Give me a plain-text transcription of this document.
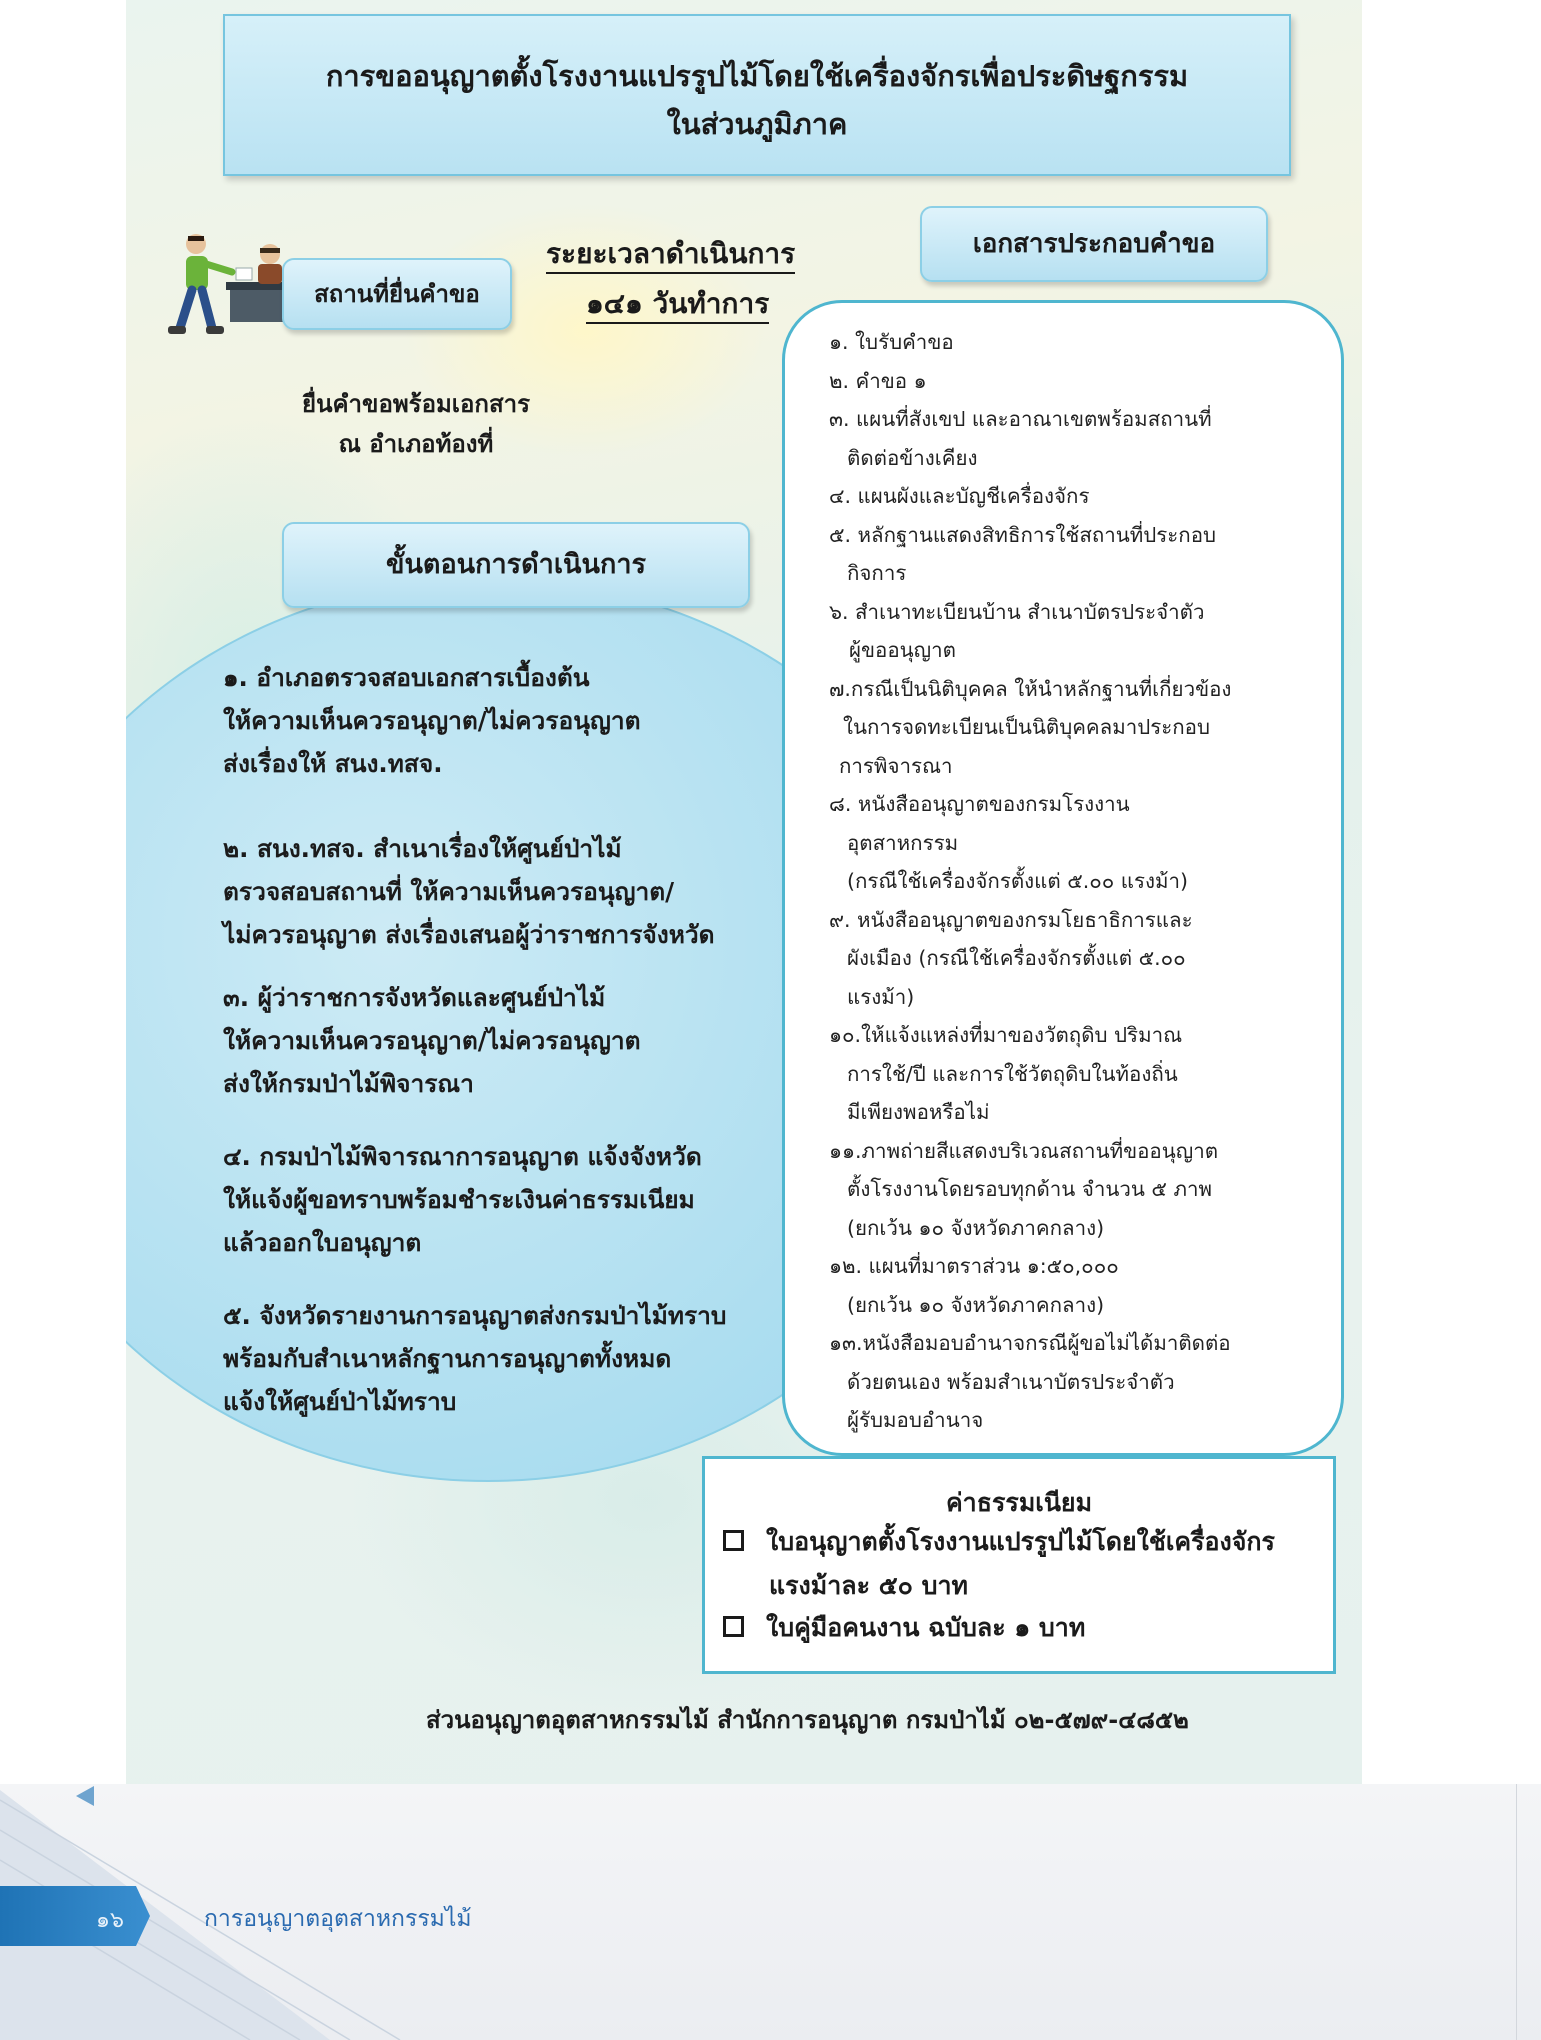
การขออนุญาตตั้งโรงงานแปรรูปไม้โดยใช้เครื่องจักรเพื่อประดิษฐกรรม
ในส่วนภูมิภาค
สถานที่ยื่นคำขอ
ระยะเวลาดำเนินการ
๑๔๑ วันทำการ
เอกสารประกอบคำขอ
ยื่นคำขอพร้อมเอกสาร
ณ อำเภอท้องที่
ขั้นตอนการดำเนินการ

๑. อำเภอตรวจสอบเอกสารเบื้องต้น
ให้ความเห็นควรอนุญาต/ไม่ควรอนุญาต
ส่งเรื่องให้ สนง.ทสจ.

๒. สนง.ทสจ. สำเนาเรื่องให้ศูนย์ป่าไม้
ตรวจสอบสถานที่ ให้ความเห็นควรอนุญาต/
ไม่ควรอนุญาต ส่งเรื่องเสนอผู้ว่าราชการจังหวัด

๓. ผู้ว่าราชการจังหวัดและศูนย์ป่าไม้
ให้ความเห็นควรอนุญาต/ไม่ควรอนุญาต
ส่งให้กรมป่าไม้พิจารณา

๔. กรมป่าไม้พิจารณาการอนุญาต แจ้งจังหวัด
ให้แจ้งผู้ขอทราบพร้อมชำระเงินค่าธรรมเนียม
แล้วออกใบอนุญาต

๕. จังหวัดรายงานการอนุญาตส่งกรมป่าไม้ทราบ
พร้อมกับสำเนาหลักฐานการอนุญาตทั้งหมด
แจ้งให้ศูนย์ป่าไม้ทราบ

๑. ใบรับคำขอ
๒. คำขอ ๑
๓. แผนที่สังเขป และอาณาเขตพร้อมสถานที่
ติดต่อข้างเคียง
๔. แผนผังและบัญชีเครื่องจักร
๕. หลักฐานแสดงสิทธิการใช้สถานที่ประกอบ
กิจการ
๖. สำเนาทะเบียนบ้าน สำเนาบัตรประจำตัว
ผู้ขออนุญาต
๗.กรณีเป็นนิติบุคคล ให้นำหลักฐานที่เกี่ยวข้อง
ในการจดทะเบียนเป็นนิติบุคคลมาประกอบ
การพิจารณา
๘. หนังสืออนุญาตของกรมโรงงาน
อุตสาหกรรม
(กรณีใช้เครื่องจักรตั้งแต่ ๕.๐๐ แรงม้า)
๙. หนังสืออนุญาตของกรมโยธาธิการและ
ผังเมือง (กรณีใช้เครื่องจักรตั้งแต่ ๕.๐๐
แรงม้า)
๑๐.ให้แจ้งแหล่งที่มาของวัตถุดิบ ปริมาณ
การใช้/ปี และการใช้วัตถุดิบในท้องถิ่น
มีเพียงพอหรือไม่
๑๑.ภาพถ่ายสีแสดงบริเวณสถานที่ขออนุญาต
ตั้งโรงงานโดยรอบทุกด้าน จำนวน ๕ ภาพ
(ยกเว้น ๑๐ จังหวัดภาคกลาง)
๑๒. แผนที่มาตราส่วน ๑:๕๐,๐๐๐
(ยกเว้น ๑๐ จังหวัดภาคกลาง)
๑๓.หนังสือมอบอำนาจกรณีผู้ขอไม่ได้มาติดต่อ
ด้วยตนเอง พร้อมสำเนาบัตรประจำตัว
ผู้รับมอบอำนาจ
ค่าธรรมเนียม
ใบอนุญาตตั้งโรงงานแปรรูปไม้โดยใช้เครื่องจักร
แรงม้าละ ๕๐ บาท
ใบคู่มือคนงาน ฉบับละ ๑ บาท
ส่วนอนุญาตอุตสาหกรรมไม้ สำนักการอนุญาต กรมป่าไม้ ๐๒-๕๗๙-๔๘๕๒
๑๖	การอนุญาตอุตสาหกรรมไม้
